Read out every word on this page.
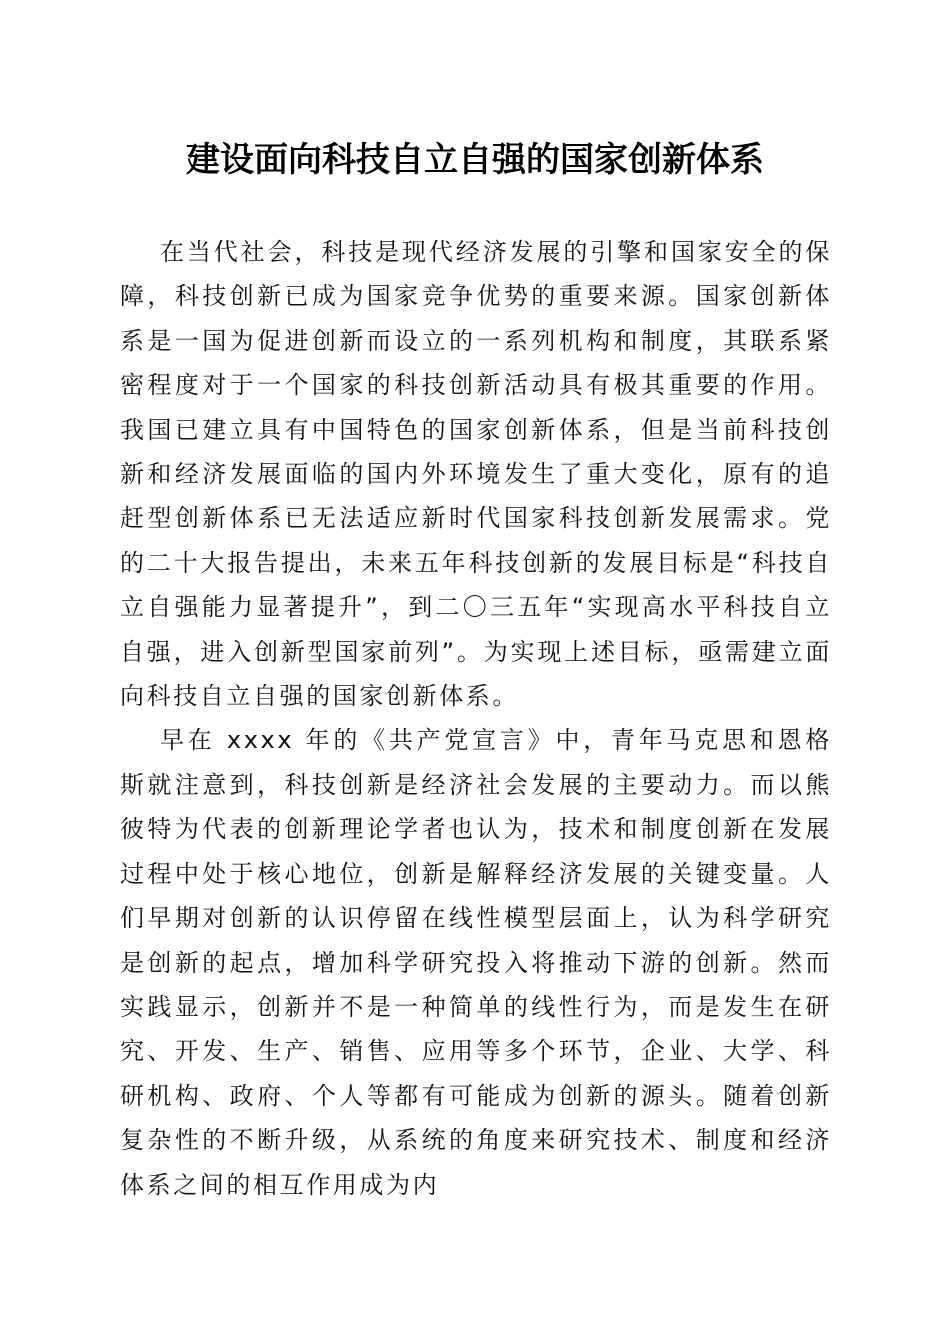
建设面向科技自立自强的国家创新体系

在当代社会，科技是现代经济发展的引擎和国家安全的保障，科技创新已成为国家竞争优势的重要来源。国家创新体系是一国为促进创新而设立的一系列机构和制度，其联系紧密程度对于一个国家的科技创新活动具有极其重要的作用。我国已建立具有中国特色的国家创新体系，但是当前科技创新和经济发展面临的国内外环境发生了重大变化，原有的追赶型创新体系已无法适应新时代国家科技创新发展需求。党的二十大报告提出，未来五年科技创新的发展目标是“科技自立自强能力显著提升”，到二〇三五年“实现高水平科技自立自强，进入创新型国家前列”。为实现上述目标，亟需建立面向科技自立自强的国家创新体系。

早在 xxxx 年的《共产党宣言》中，青年马克思和恩格斯就注意到，科技创新是经济社会发展的主要动力。而以熊彼特为代表的创新理论学者也认为，技术和制度创新在发展过程中处于核心地位，创新是解释经济发展的关键变量。人们早期对创新的认识停留在线性模型层面上，认为科学研究是创新的起点，增加科学研究投入将推动下游的创新。然而实践显示，创新并不是一种简单的线性行为，而是发生在研究、开发、生产、销售、应用等多个环节，企业、大学、科研机构、政府、个人等都有可能成为创新的源头。随着创新复杂性的不断升级，从系统的角度来研究技术、制度和经济体系之间的相互作用成为内
